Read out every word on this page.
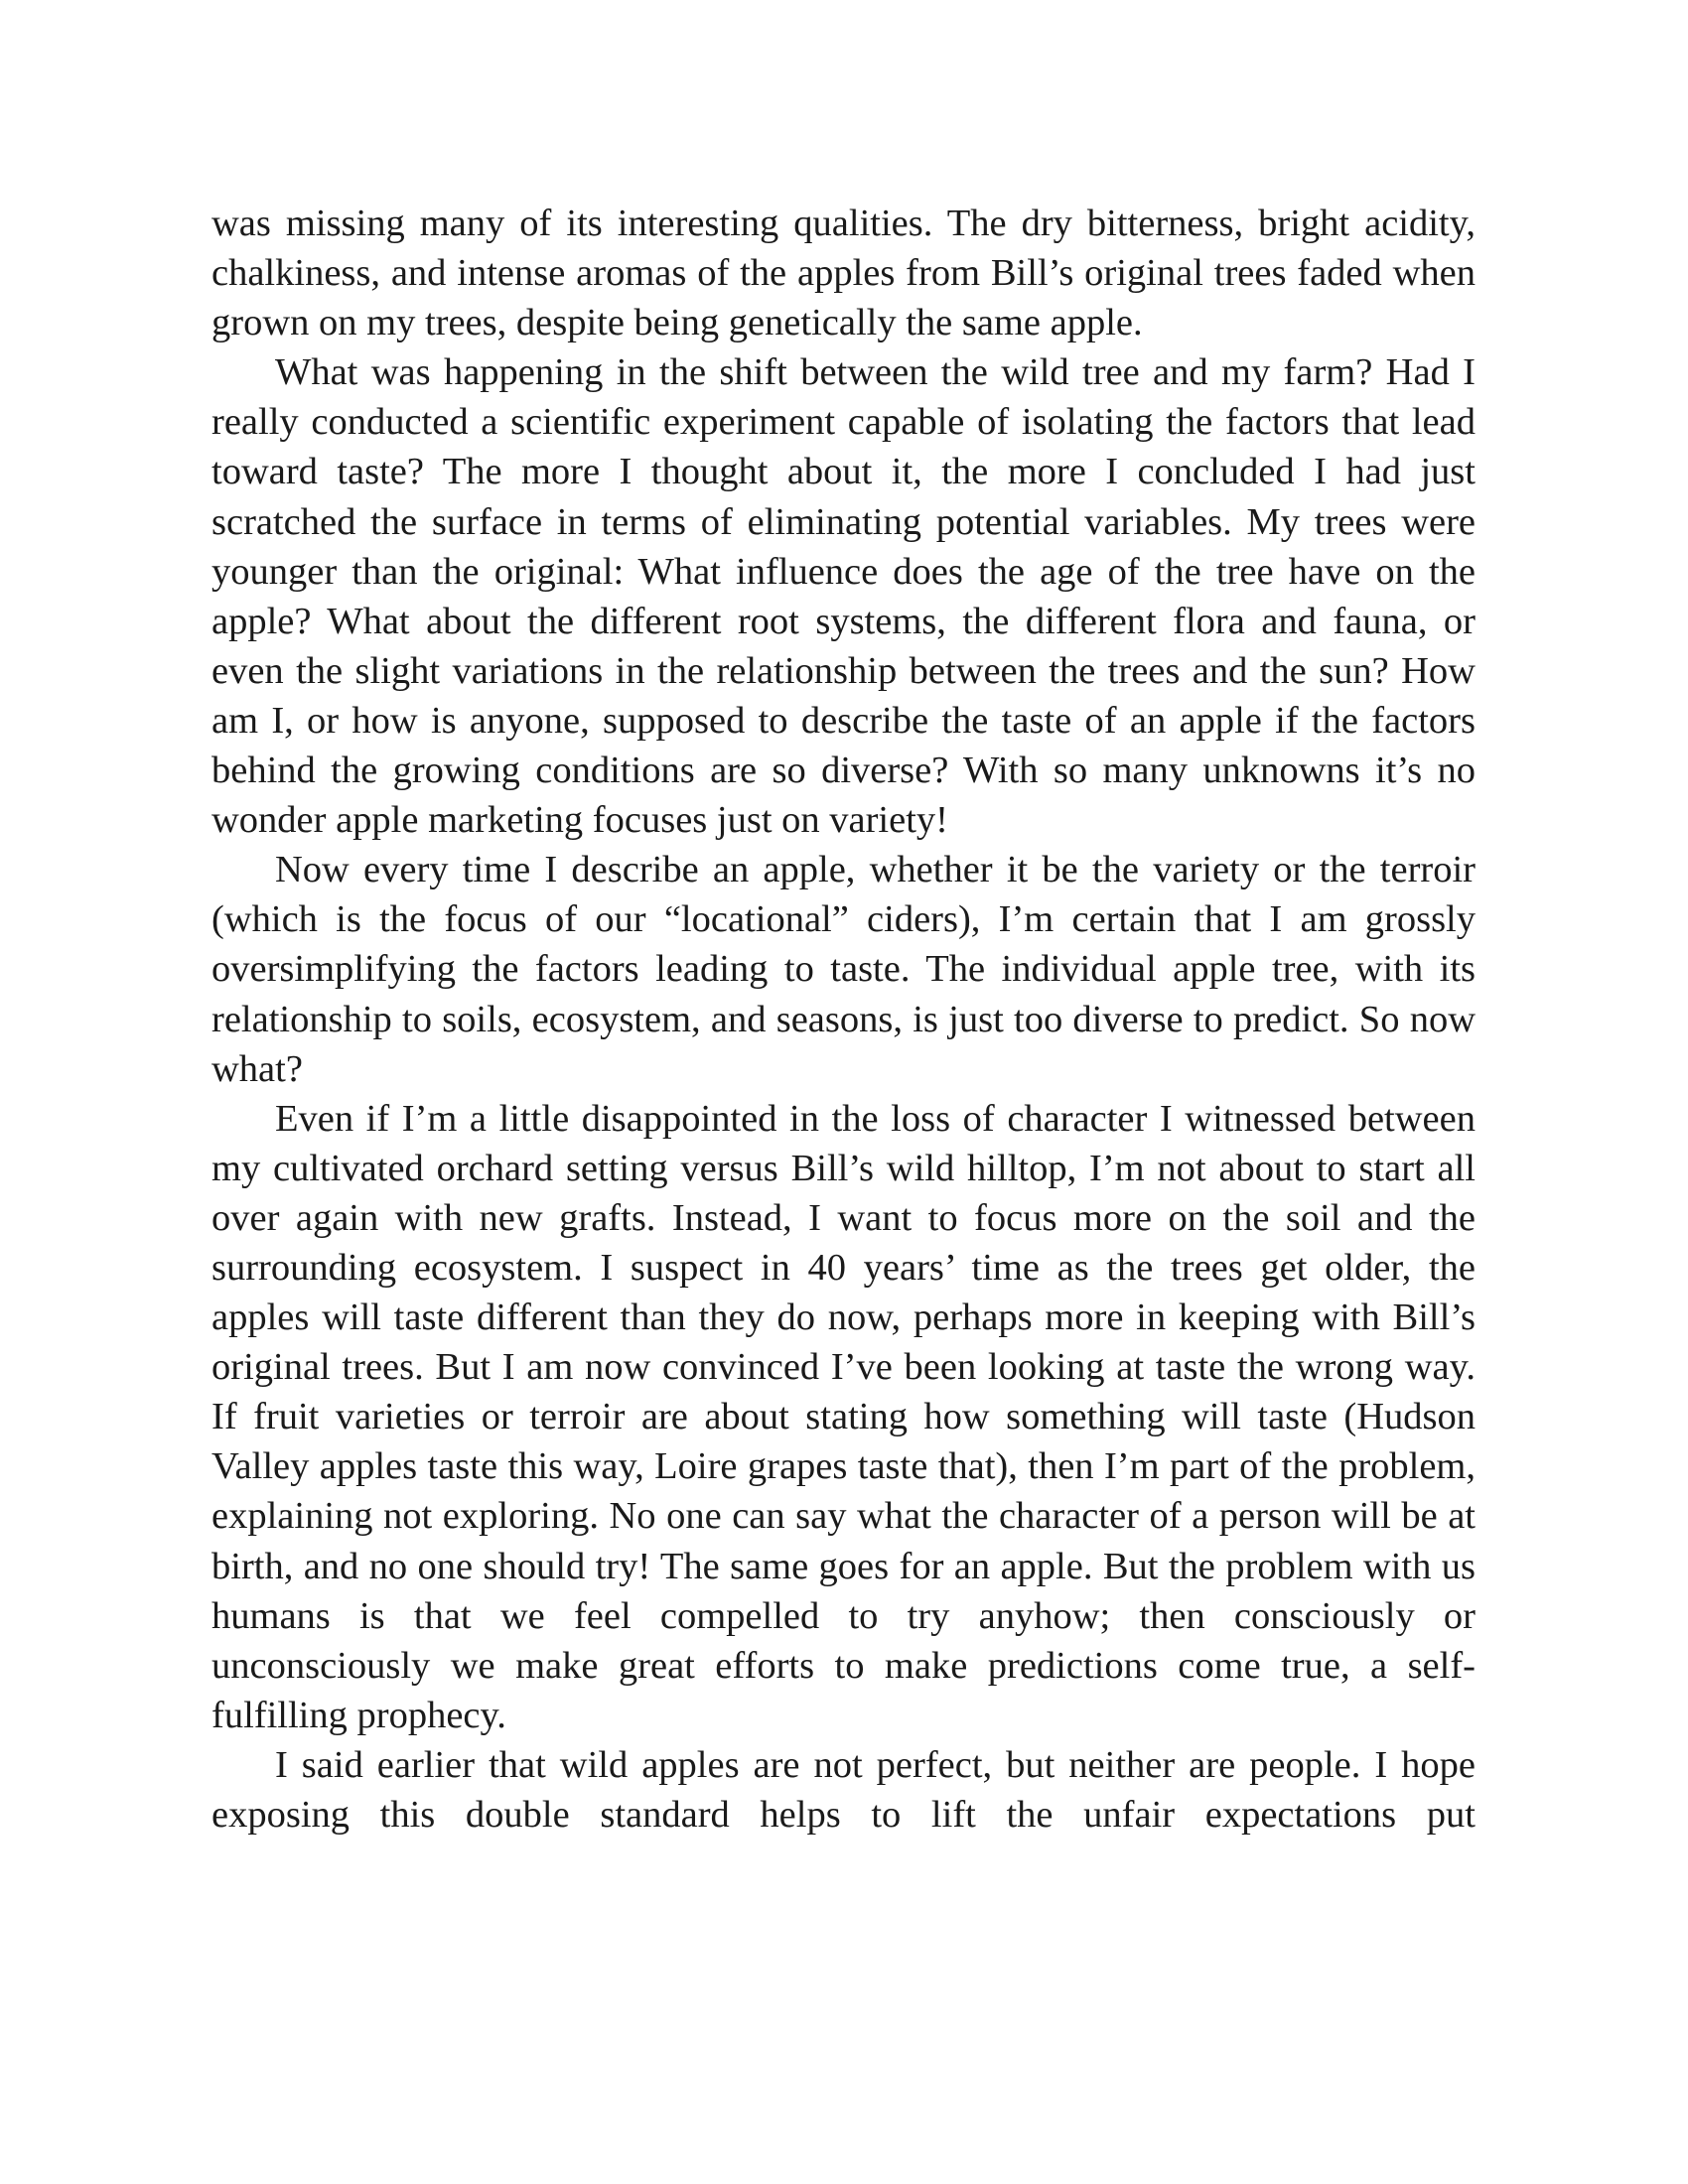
was missing many of its interesting qualities. The dry bitterness, bright acidity, chalkiness, and intense aromas of the apples from Bill’s original trees faded when grown on my trees, despite being genetically the same apple.

What was happening in the shift between the wild tree and my farm? Had I really conducted a scientific experiment capable of isolating the factors that lead toward taste? The more I thought about it, the more I concluded I had just scratched the surface in terms of eliminating potential variables. My trees were younger than the original: What influence does the age of the tree have on the apple? What about the different root systems, the different flora and fauna, or even the slight variations in the relationship between the trees and the sun? How am I, or how is anyone, supposed to describe the taste of an apple if the factors behind the growing conditions are so diverse? With so many unknowns it’s no wonder apple marketing focuses just on variety!

Now every time I describe an apple, whether it be the variety or the terroir (which is the focus of our “locational” ciders), I’m certain that I am grossly oversimplifying the factors leading to taste. The individual apple tree, with its relationship to soils, ecosystem, and seasons, is just too diverse to predict. So now what?

Even if I’m a little disappointed in the loss of character I witnessed between my cultivated orchard setting versus Bill’s wild hilltop, I’m not about to start all over again with new grafts. Instead, I want to focus more on the soil and the surrounding ecosystem. I suspect in 40 years’ time as the trees get older, the apples will taste different than they do now, perhaps more in keeping with Bill’s original trees. But I am now convinced I’ve been looking at taste the wrong way. If fruit varieties or terroir are about stating how something will taste (Hudson Valley apples taste this way, Loire grapes taste that), then I’m part of the problem, explaining not exploring. No one can say what the character of a person will be at birth, and no one should try! The same goes for an apple. But the problem with us humans is that we feel compelled to try anyhow; then consciously or unconsciously we make great efforts to make predictions come true, a self-fulfilling prophecy.

I said earlier that wild apples are not perfect, but neither are people. I hope exposing this double standard helps to lift the unfair expectations put
